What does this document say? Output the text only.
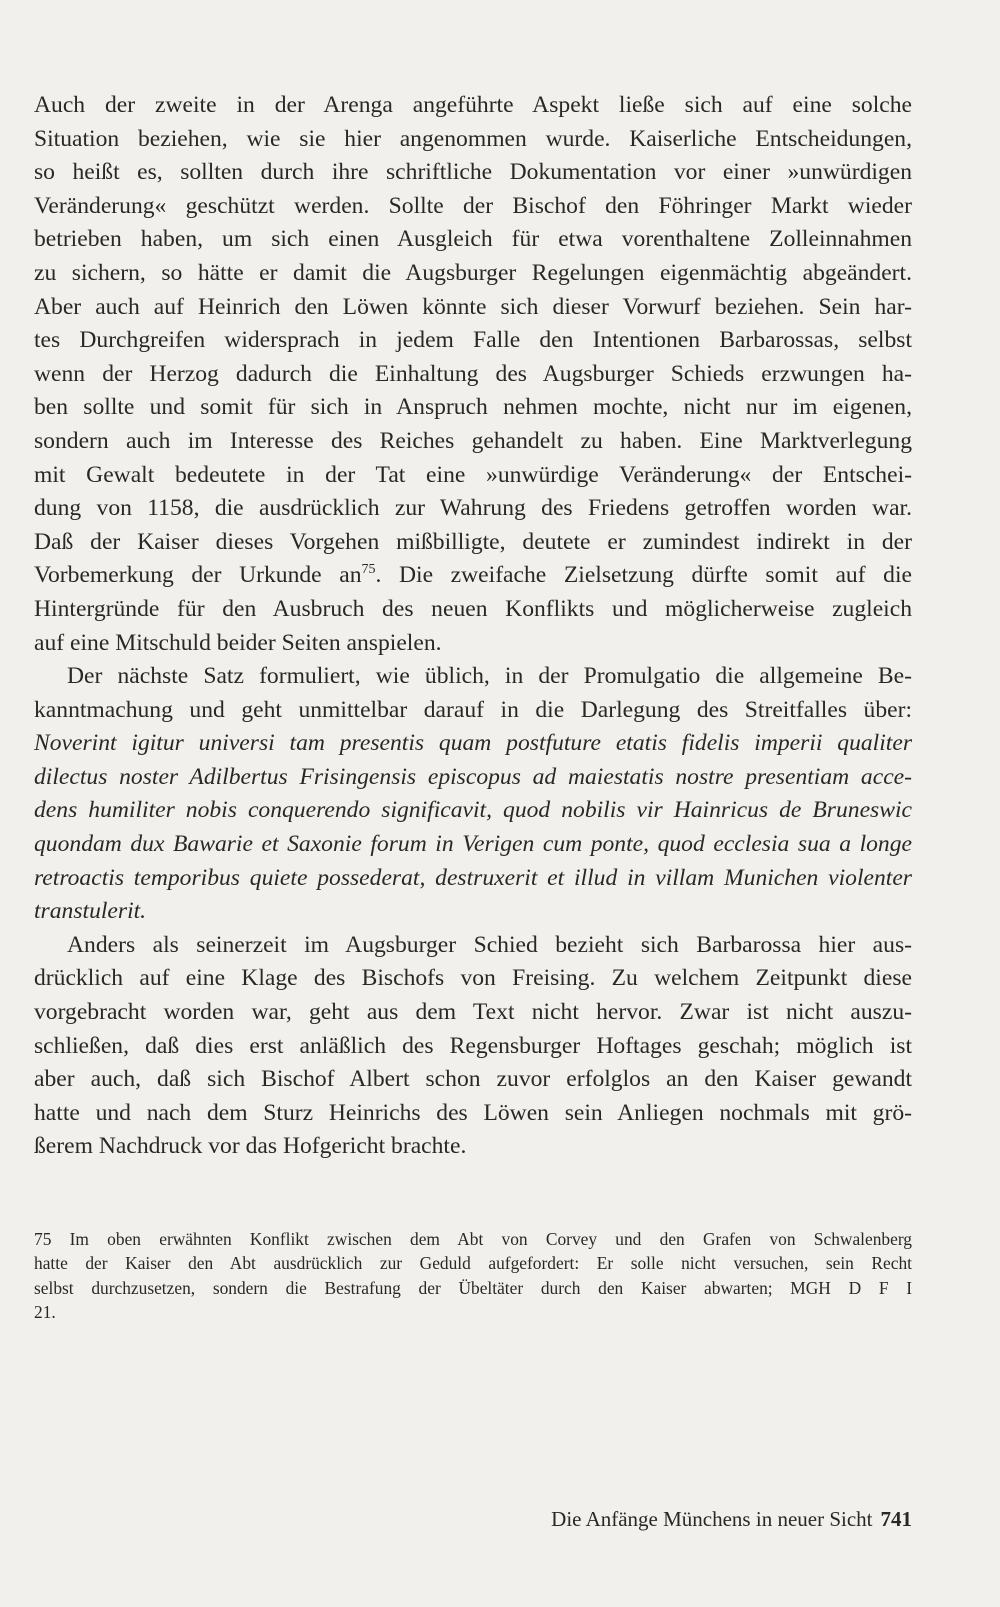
Auch der zweite in der Arenga angeführte Aspekt ließe sich auf eine solche
Situation beziehen, wie sie hier angenommen wurde. Kaiserliche Entscheidungen,
so heißt es, sollten durch ihre schriftliche Dokumentation vor einer »unwürdigen
Veränderung« geschützt werden. Sollte der Bischof den Föhringer Markt wieder
betrieben haben, um sich einen Ausgleich für etwa vorenthaltene Zolleinnahmen
zu sichern, so hätte er damit die Augsburger Regelungen eigenmächtig abgeändert.
Aber auch auf Heinrich den Löwen könnte sich dieser Vorwurf beziehen. Sein har-
tes Durchgreifen widersprach in jedem Falle den Intentionen Barbarossas, selbst
wenn der Herzog dadurch die Einhaltung des Augsburger Schieds erzwungen ha-
ben sollte und somit für sich in Anspruch nehmen mochte, nicht nur im eigenen,
sondern auch im Interesse des Reiches gehandelt zu haben. Eine Marktverlegung
mit Gewalt bedeutete in der Tat eine »unwürdige Veränderung« der Entschei-
dung von 1158, die ausdrücklich zur Wahrung des Friedens getroffen worden war.
Daß der Kaiser dieses Vorgehen mißbilligte, deutete er zumindest indirekt in der
Vorbemerkung der Urkunde $an^{75}$. Die zweifache Zielsetzung dürfte somit auf die
Hintergründe für den Ausbruch des neuen Konflikts und möglicherweise zugleich
auf eine Mitschuld beider Seiten anspielen.
Der nächste Satz formuliert, wie üblich, in der Promulgatio die allgemeine Be-
kanntmachung und geht unmittelbar darauf in die Darlegung des Streitfalles über:
Noverint igitur universi tam presentis quam postfuture etatis fidelis imperii qualiter
dilectus noster Adilbertus Frisingensis episcopus ad maiestatis nostre presentiam acce-
dens humiliter nobis conquerendo significavit, quod nobilis vir Hainricus de Bruneswic
quondam dux Bawarie et Saxonie forum in Verigen cum ponte, quod ecclesia sua a longe
retroactis temporibus quiete possederat, destruxerit et illud in villam Munichen violenter
transtulerit.
Anders als seinerzeit im Augsburger Schied bezieht sich Barbarossa hier aus-
drücklich auf eine Klage des Bischofs von Freising. Zu welchem Zeitpunkt diese
vorgebracht worden war, geht aus dem Text nicht hervor. Zwar ist nicht auszu-
schließen, daß dies erst anläßlich des Regensburger Hoftages geschah; möglich ist
aber auch, daß sich Bischof Albert schon zuvor erfolglos an den Kaiser gewandt
hatte und nach dem Sturz Heinrichs des Löwen sein Anliegen nochmals mit grö-
ßerem Nachdruck vor das Hofgericht brachte.
75 Im oben erwähnten Konflikt zwischen dem Abt von Corvey und den Grafen von Schwalenberg
hatte der Kaiser den Abt ausdrücklich zur Geduld aufgefordert: Er solle nicht versuchen, sein Recht
selbst durchzusetzen, sondern die Bestrafung der Übeltäter durch den Kaiser abwarten; MGH D F I
21.
Die Anfänge Münchens in neuer Sicht 741
